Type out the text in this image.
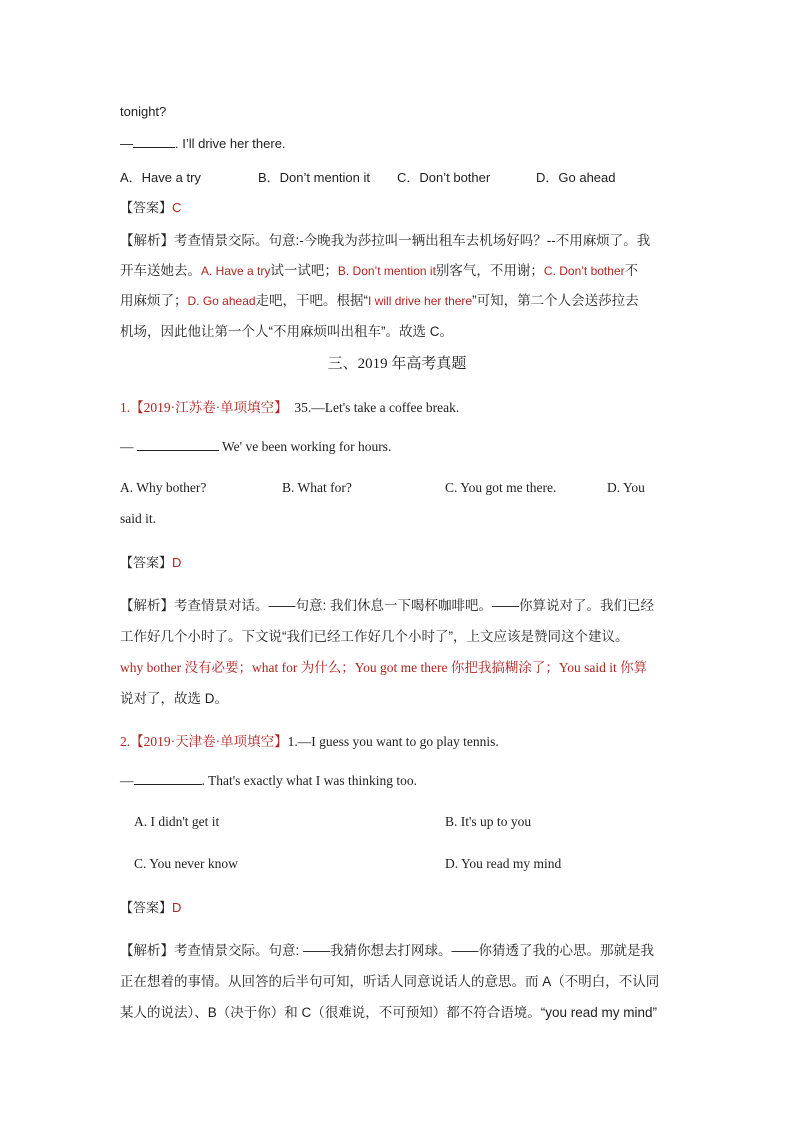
tonight?
—	. I’ll drive her there.
A．Have a try	B．Don’t mention it C．Don’t bother	D．Go ahead
【答案】C
【解析】考查情景交际。句意:-今晚我为莎拉叫一辆出租车去机场好吗？--不用麻烦了。我
开车送她去。A. Have a try试一试吧；B. Don’t mention it别客气，不用谢；C. Don’t bother不
用麻烦了；D. Go ahead走吧，干吧。根据“I will drive her there”可知，第二个人会送莎拉去
机场，因此他让第一个人“不用麻烦叫出租车”。故选 C。
三、2019 年高考真题
1.【2019·江苏卷·单项填空】 35.—Let's take a coffee break.
—	We' ve been working for hours.
A. Why bother?	B. What for?	C. You got me there.	D. You
said it.
【答案】D
【解析】考查情景对话。——句意: 我们休息一下喝杯咖啡吧。——你算说对了。我们已经
工作好几个小时了。下文说“我们已经工作好几个小时了”，上文应该是赞同这个建议。
why bother 没有必要；what for 为什么；You got me there 你把我搞糊涂了；You said it 你算
说对了，故选 D。
2.【2019·天津卷·单项填空】1.—I guess you want to go play tennis.
—	. That's exactly what I was thinking too.
A. I didn't get it	B. It's up to you
C. You never know	D. You read my mind
【答案】D
【解析】考查情景交际。句意: ——我猜你想去打网球。——你猜透了我的心思。那就是我
正在想着的事情。从回答的后半句可知，听话人同意说话人的意思。而 A（不明白，不认同
某人的说法）、B（决于你）和 C（很难说，不可预知）都不符合语境。“you read my mind”
